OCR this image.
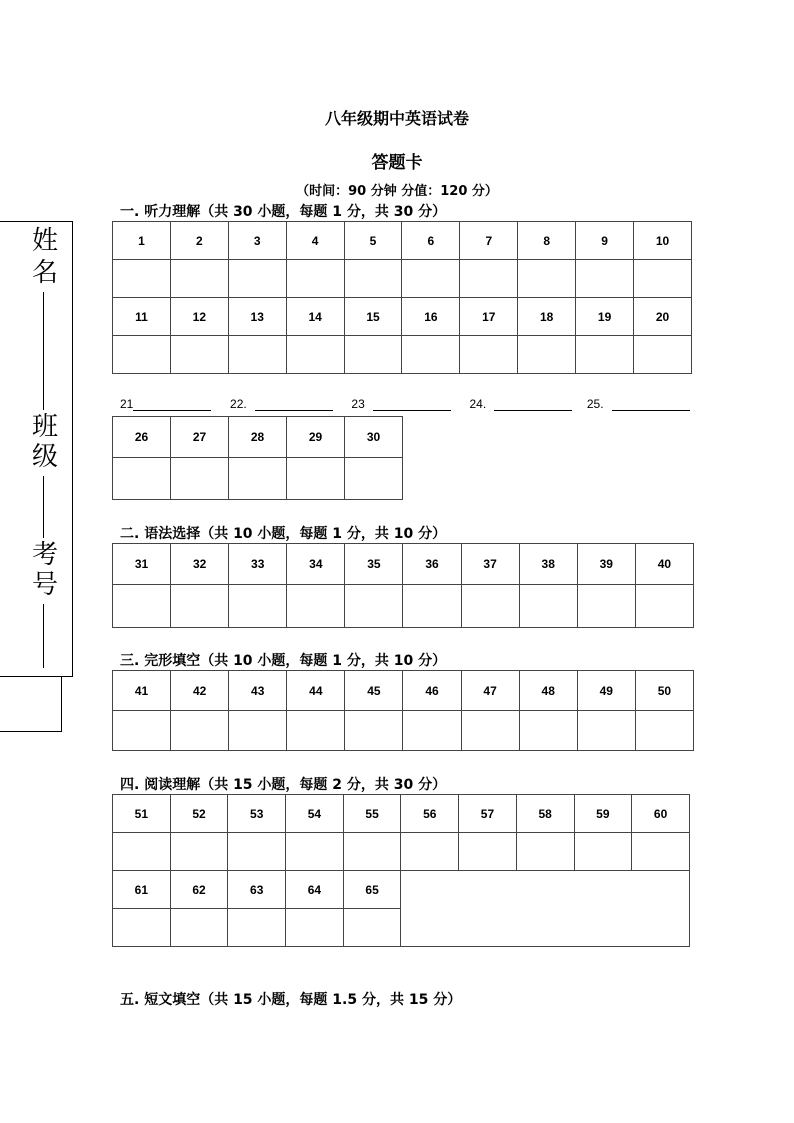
八年级期中英语试卷
答题卡
（时间：90 分钟 分值：120 分）
姓
名
班
级
考
号
一. 听力理解（共 30 小题，每题 1 分，共 30 分）
1	2	3	4	5	6	7	8	9	10

11	12	13	14	15	16	17	18	19	20

21	22.	23	24.	25.
26	27	28	29	30

二. 语法选择（共 10 小题，每题 1 分，共 10 分）
31	32	33	34	35	36	37	38	39	40

三. 完形填空（共 10 小题，每题 1 分，共 10 分）
41	42	43	44	45	46	47	48	49	50

四. 阅读理解（共 15 小题，每题 2 分，共 30 分）
51	52	53	54	55	56	57	58	59	60

61	62	63	64	65					

五. 短文填空（共 15 小题，每题 1.5 分，共 15 分）
